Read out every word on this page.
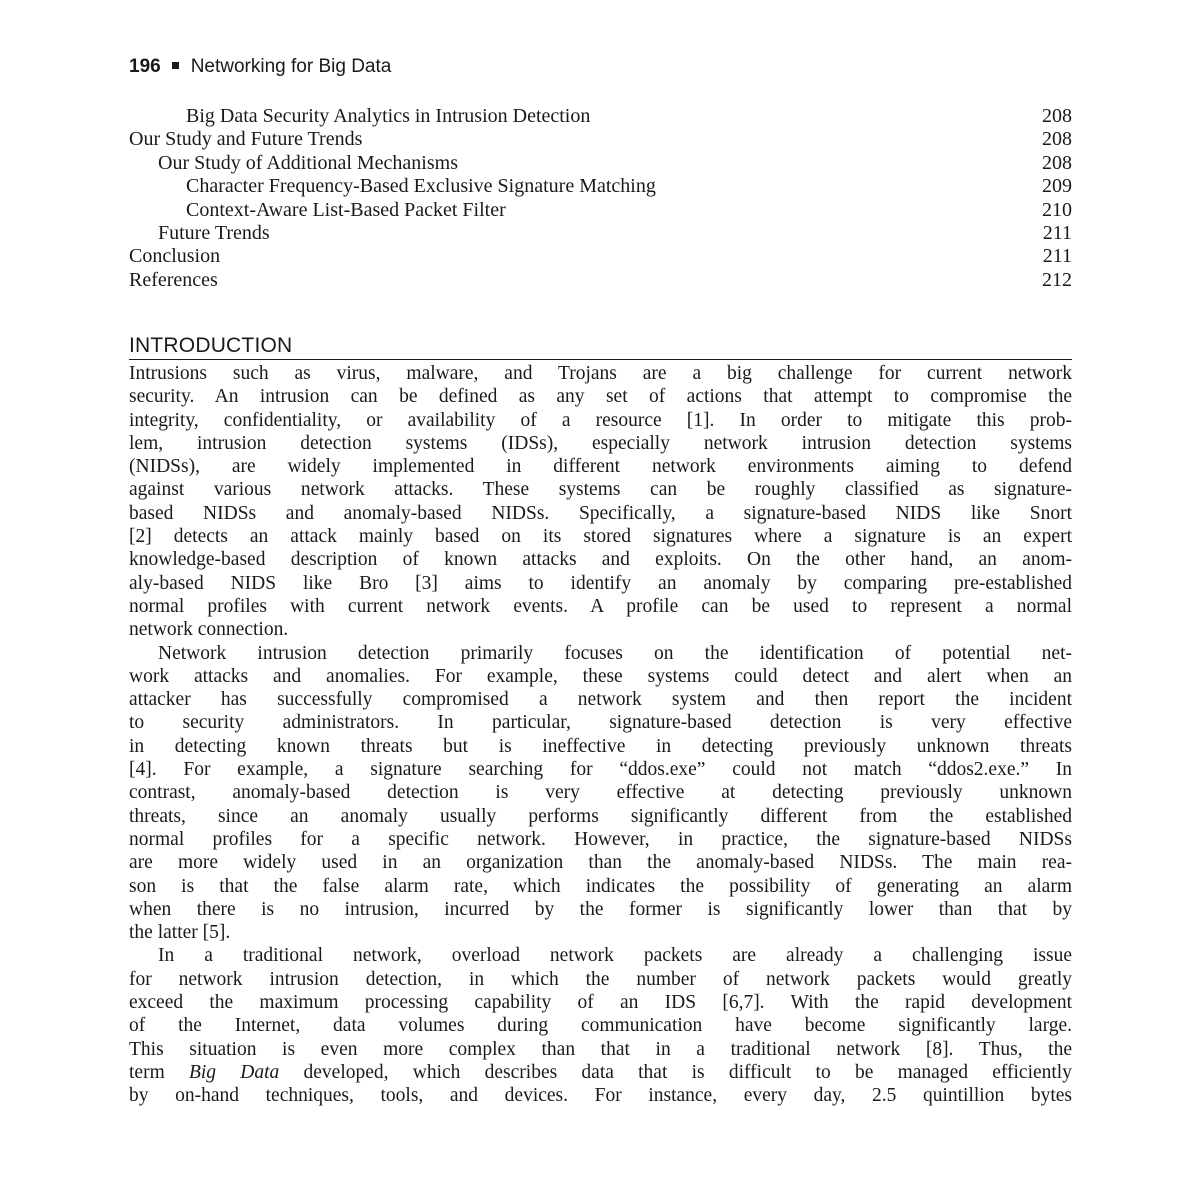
196 Networking for Big Data
Big Data Security Analytics in Intrusion Detection	208
Our Study and Future Trends	208
Our Study of Additional Mechanisms	208
Character Frequency-Based Exclusive Signature Matching	209
Context-Aware List-Based Packet Filter	210
Future Trends	211
Conclusion	211
References	212
INTRODUCTION
Intrusions such as virus, malware, and Trojans are a big challenge for current network
security. An intrusion can be defined as any set of actions that attempt to compromise the
integrity, confidentiality, or availability of a resource [1]. In order to mitigate this prob-
lem, intrusion detection systems (IDSs), especially network intrusion detection systems
(NIDSs), are widely implemented in different network environments aiming to defend
against various network attacks. These systems can be roughly classified as signature-
based NIDSs and anomaly-based NIDSs. Specifically, a signature-based NIDS like Snort
[2] detects an attack mainly based on its stored signatures where a signature is an expert
knowledge-based description of known attacks and exploits. On the other hand, an anom-
aly-based NIDS like Bro [3] aims to identify an anomaly by comparing pre-established
normal profiles with current network events. A profile can be used to represent a normal
network connection.
Network intrusion detection primarily focuses on the identification of potential net-
work attacks and anomalies. For example, these systems could detect and alert when an
attacker has successfully compromised a network system and then report the incident
to security administrators. In particular, signature-based detection is very effective
in detecting known threats but is ineffective in detecting previously unknown threats
[4]. For example, a signature searching for “ddos.exe” could not match “ddos2.exe.” In
contrast, anomaly-based detection is very effective at detecting previously unknown
threats, since an anomaly usually performs significantly different from the established
normal profiles for a specific network. However, in practice, the signature-based NIDSs
are more widely used in an organization than the anomaly-based NIDSs. The main rea-
son is that the false alarm rate, which indicates the possibility of generating an alarm
when there is no intrusion, incurred by the former is significantly lower than that by
the latter [5].
In a traditional network, overload network packets are already a challenging issue
for network intrusion detection, in which the number of network packets would greatly
exceed the maximum processing capability of an IDS [6,7]. With the rapid development
of the Internet, data volumes during communication have become significantly large.
This situation is even more complex than that in a traditional network [8]. Thus, the
term Big Data developed, which describes data that is difficult to be managed efficiently
by on-hand techniques, tools, and devices. For instance, every day, 2.5 quintillion bytes
